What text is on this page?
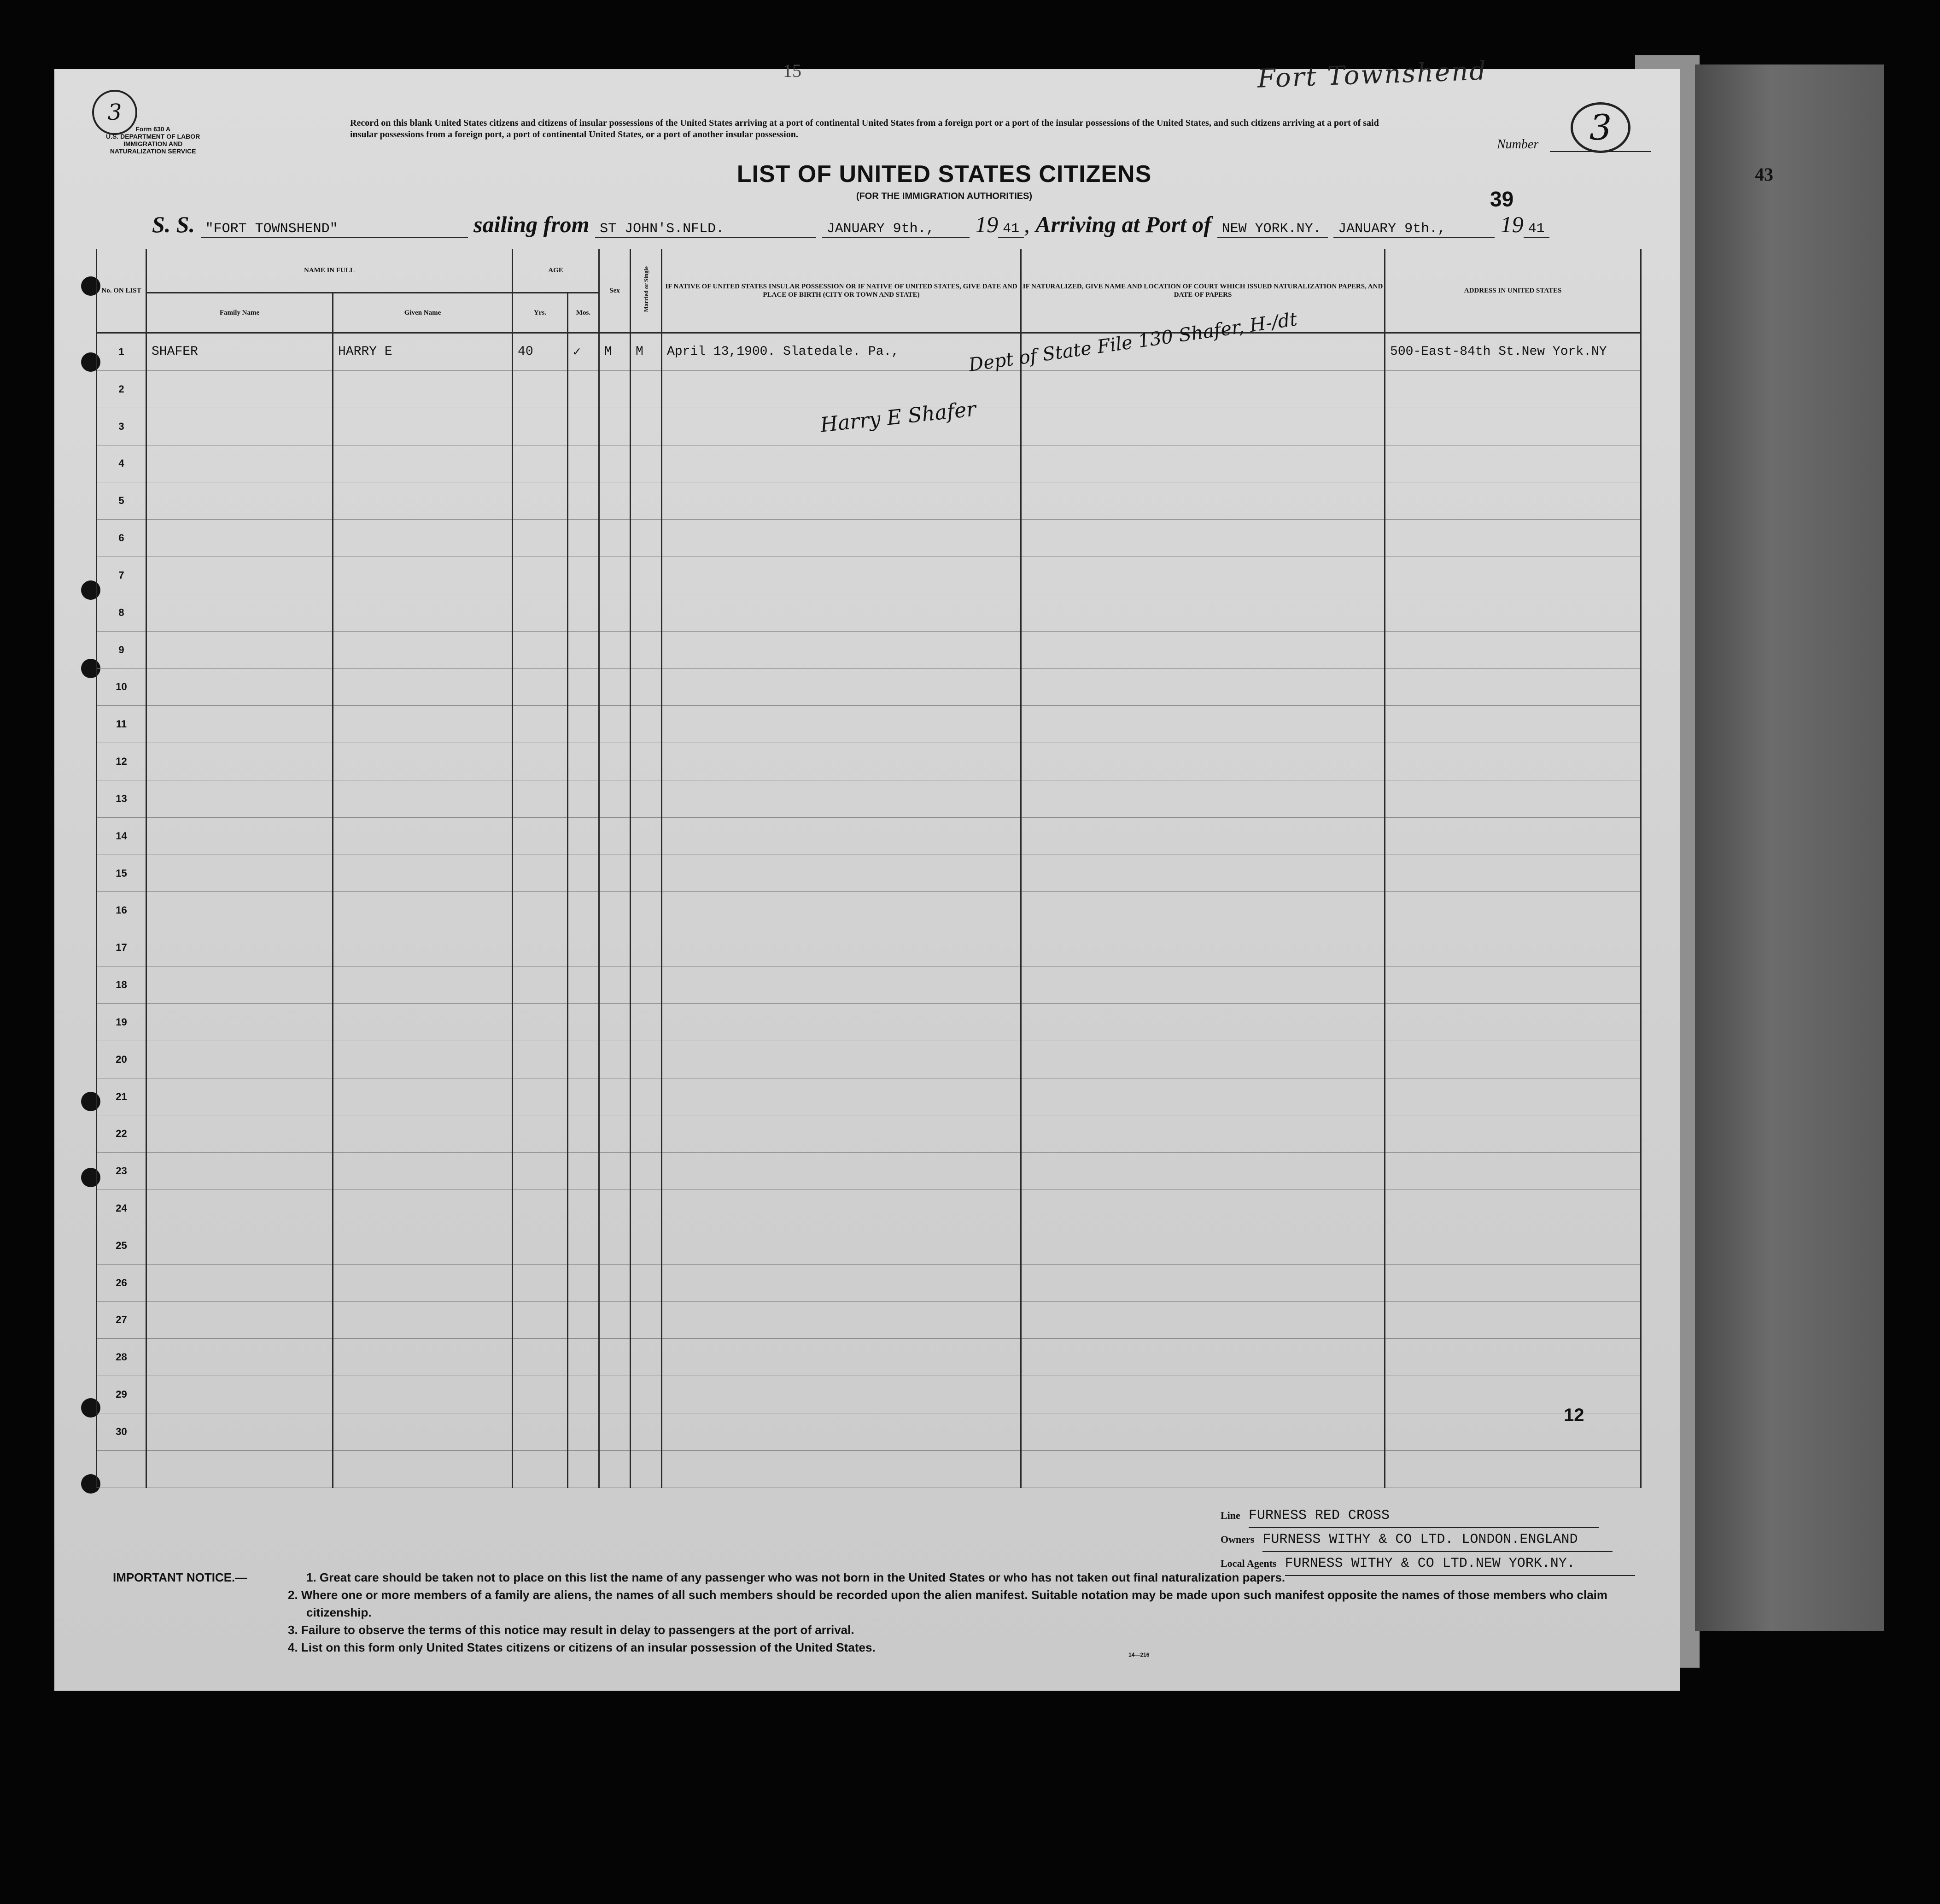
43
15	Fort Townshend
3	3
Form 630 A
U.S. DEPARTMENT OF LABOR
IMMIGRATION AND
NATURALIZATION SERVICE
Record on this blank United States citizens and citizens of insular possessions of the United States arriving at a port of continental United States from a foreign port or a port of the insular possessions of the United States, and such citizens arriving at a port of said insular possessions from a foreign port, a port of continental United States, or a port of another insular possession.
Number
LIST OF UNITED STATES CITIZENS
(FOR THE IMMIGRATION AUTHORITIES)	39
S. S. "FORT TOWNSHEND"	sailing from ST JOHN'S.NFLD.	JANUARY 9th., 19 41 , Arriving at Port of NEW YORK.NY. JANUARY 9th., 19 41
No. ON LIST	NAME IN FULL		AGE		Sex	Married or Single	IF NATIVE OF UNITED STATES INSULAR POSSESSION OR IF NATIVE OF UNITED STATES, GIVE DATE AND PLACE OF BIRTH (CITY OR TOWN AND STATE)	IF NATURALIZED, GIVE NAME AND LOCATION OF COURT WHICH ISSUED NATURALIZATION PAPERS, AND DATE OF PAPERS	ADDRESS IN UNITED STATES
	Family Name	Given Name	Yrs.	Mos.					
1	SHAFER	HARRY E	40	✓	M	M	April 13,1900. Slatedale. Pa.,		500-East-84th St.New York.NY
2									
3									
4									
5									
6									
7									
8									
9									
10									
11									
12									
13									
14									
15									
16									
17									
18									
19									
20									
21									
22									
23									
24									
25									
26									
27									
28									
29									
30									

Dept of State File 130 Shafer, H-/dt
Harry E Shafer
12
Line FURNESS RED CROSS
Owners FURNESS WITHY & CO LTD. LONDON.ENGLAND
Local Agents FURNESS WITHY & CO LTD.NEW YORK.NY.
IMPORTANT NOTICE.—	1. Great care should be taken not to place on this list the name of any passenger who was not born in the United States or who has not taken out final naturalization papers.
2. Where one or more members of a family are aliens, the names of all such members should be recorded upon the alien manifest. Suitable notation may be made upon such manifest opposite the names of those members who claim citizenship.
3. Failure to observe the terms of this notice may result in delay to passengers at the port of arrival.
4. List on this form only United States citizens or citizens of an insular possession of the United States.
14—216
